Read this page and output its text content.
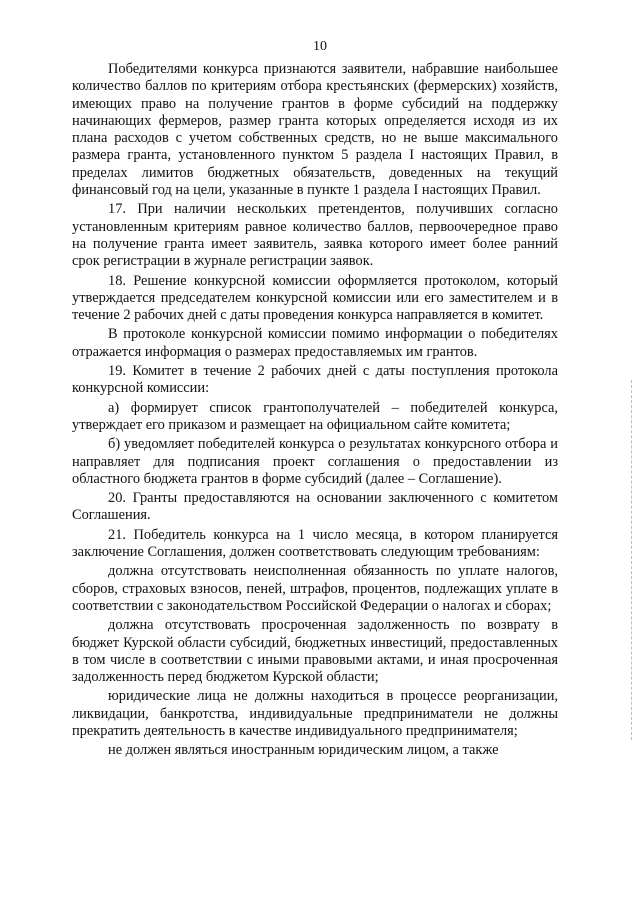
10

Победителями конкурса признаются заявители, набравшие наибольшее количество баллов по критериям отбора крестьянских (фермерских) хозяйств, имеющих право на получение грантов в форме субсидий на поддержку начинающих фермеров, размер гранта которых определяется исходя из их плана расходов с учетом собственных средств, но не выше максимального размера гранта, установленного пунктом 5 раздела I настоящих Правил, в пределах лимитов бюджетных обязательств, доведенных на текущий финансовый год на цели, указанные в пункте 1 раздела I настоящих Правил.

17. При наличии нескольких претендентов, получивших согласно установленным критериям равное количество баллов, первоочередное право на получение гранта имеет заявитель, заявка которого имеет более ранний срок регистрации в журнале регистрации заявок.

18. Решение конкурсной комиссии оформляется протоколом, который утверждается председателем конкурсной комиссии или его заместителем и в течение 2 рабочих дней с даты проведения конкурса направляется в комитет.

В протоколе конкурсной комиссии помимо информации о победителях отражается информация о размерах предоставляемых им грантов.

19. Комитет в течение 2 рабочих дней с даты поступления протокола конкурсной комиссии:

а) формирует список грантополучателей – победителей конкурса, утверждает его приказом и размещает на официальном сайте комитета;

б) уведомляет победителей конкурса о результатах конкурсного отбора и направляет для подписания проект соглашения о предоставлении из областного бюджета грантов в форме субсидий (далее – Соглашение).

20. Гранты предоставляются на основании заключенного с комитетом Соглашения.

21. Победитель конкурса на 1 число месяца, в котором планируется заключение Соглашения, должен соответствовать следующим требованиям:

должна отсутствовать неисполненная обязанность по уплате налогов, сборов, страховых взносов, пеней, штрафов, процентов, подлежащих уплате в соответствии с законодательством Российской Федерации о налогах и сборах;

должна отсутствовать просроченная задолженность по возврату в бюджет Курской области субсидий, бюджетных инвестиций, предоставленных в том числе в соответствии с иными правовыми актами, и иная просроченная задолженность перед бюджетом Курской области;

юридические лица не должны находиться в процессе реорганизации, ликвидации, банкротства, индивидуальные предприниматели не должны прекратить деятельность в качестве индивидуального предпринимателя;

не должен являться иностранным юридическим лицом, а также
